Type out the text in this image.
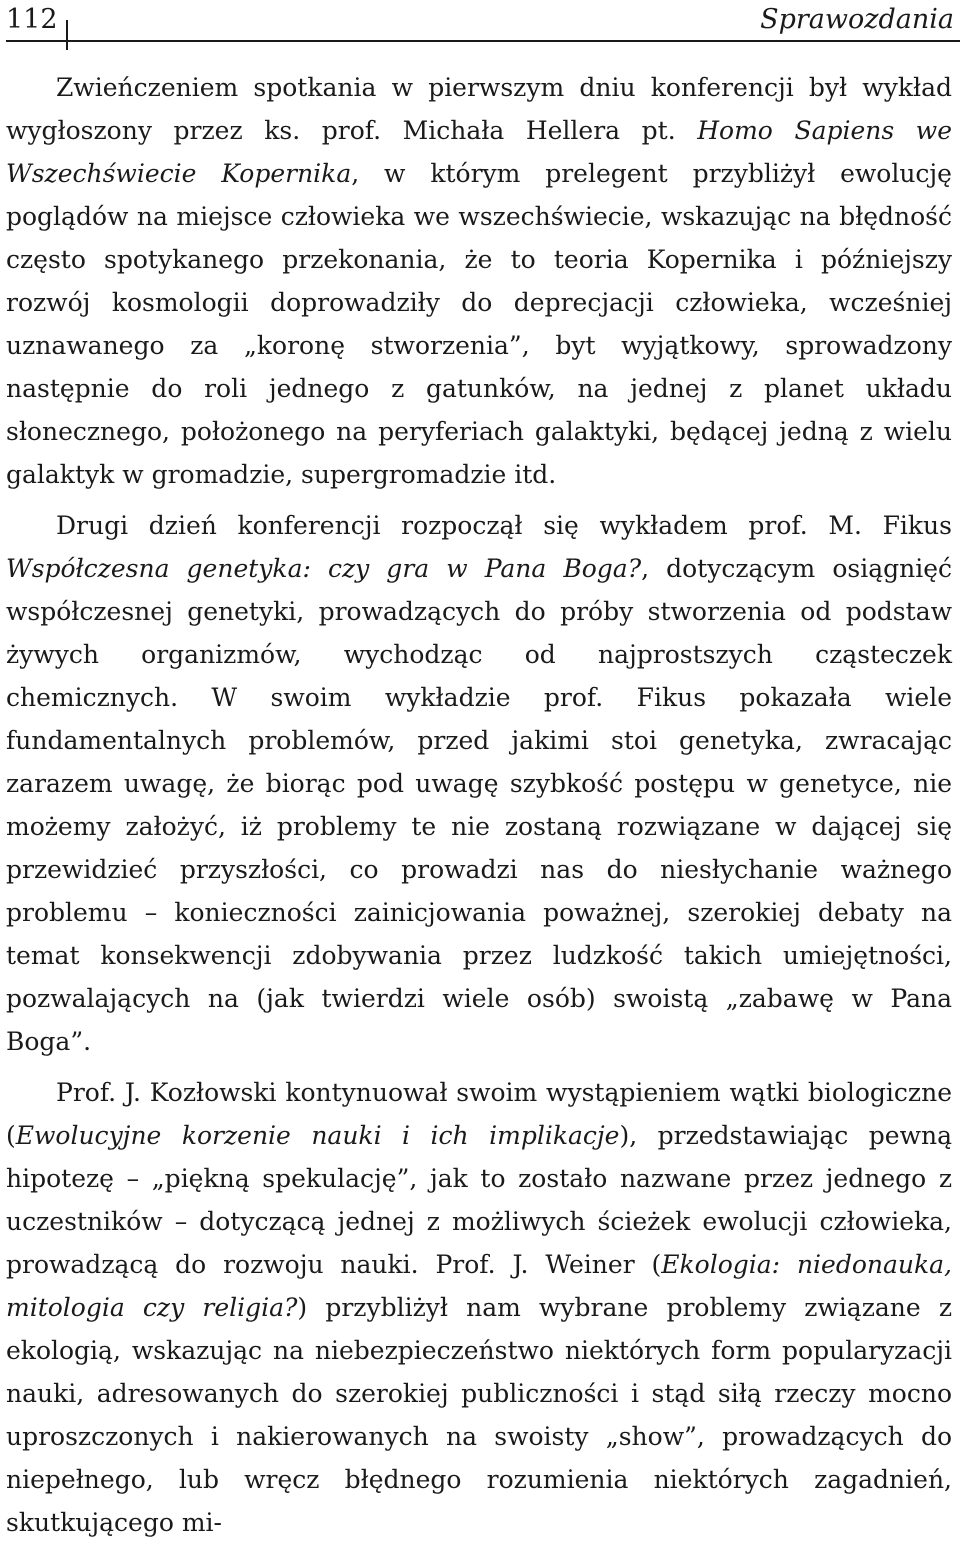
112	Sprawozdania

Zwieńczeniem spotkania w pierwszym dniu konferencji był wykład wygłoszony przez ks. prof. Michała Hellera pt. Homo Sapiens we Wszechświecie Kopernika, w którym prelegent przybliżył ewolucję poglądów na miejsce człowieka we wszechświecie, wskazując na błędność często spotykanego przekonania, że to teoria Kopernika i późniejszy rozwój kosmologii doprowadziły do deprecjacji człowieka, wcześniej uznawanego za „koronę stworzenia”, byt wyjątkowy, sprowadzony następnie do roli jednego z gatunków, na jednej z planet układu słonecznego, położonego na peryferiach galaktyki, będącej jedną z wielu galaktyk w gromadzie, supergromadzie itd.

Drugi dzień konferencji rozpoczął się wykładem prof. M. Fikus Współczesna genetyka: czy gra w Pana Boga?, dotyczącym osiągnięć współczesnej genetyki, prowadzących do próby stworzenia od podstaw żywych organizmów, wychodząc od najprostszych cząsteczek chemicznych. W swoim wykładzie prof. Fikus pokazała wiele fundamentalnych problemów, przed jakimi stoi genetyka, zwracając zarazem uwagę, że biorąc pod uwagę szybkość postępu w genetyce, nie możemy założyć, iż problemy te nie zostaną rozwiązane w dającej się przewidzieć przyszłości, co prowadzi nas do niesłychanie ważnego problemu – konieczności zainicjowania poważnej, szerokiej debaty na temat konsekwencji zdobywania przez ludzkość takich umiejętności, pozwalających na (jak twierdzi wiele osób) swoistą „zabawę w Pana Boga”.

Prof. J. Kozłowski kontynuował swoim wystąpieniem wątki biologiczne (Ewolucyjne korzenie nauki i ich implikacje), przedstawiając pewną hipotezę – „piękną spekulację”, jak to zostało nazwane przez jednego z uczestników – dotyczącą jednej z możliwych ścieżek ewolucji człowieka, prowadzącą do rozwoju nauki. Prof. J. Weiner (Ekologia: niedonauka, mitologia czy religia?) przybliżył nam wybrane problemy związane z ekologią, wskazując na niebezpieczeństwo niektórych form popularyzacji nauki, adresowanych do szerokiej publiczności i stąd siłą rzeczy mocno uproszczonych i nakierowanych na swoisty „show”, prowadzących do niepełnego, lub wręcz błędnego rozumienia niektórych zagadnień, skutkującego mi-
